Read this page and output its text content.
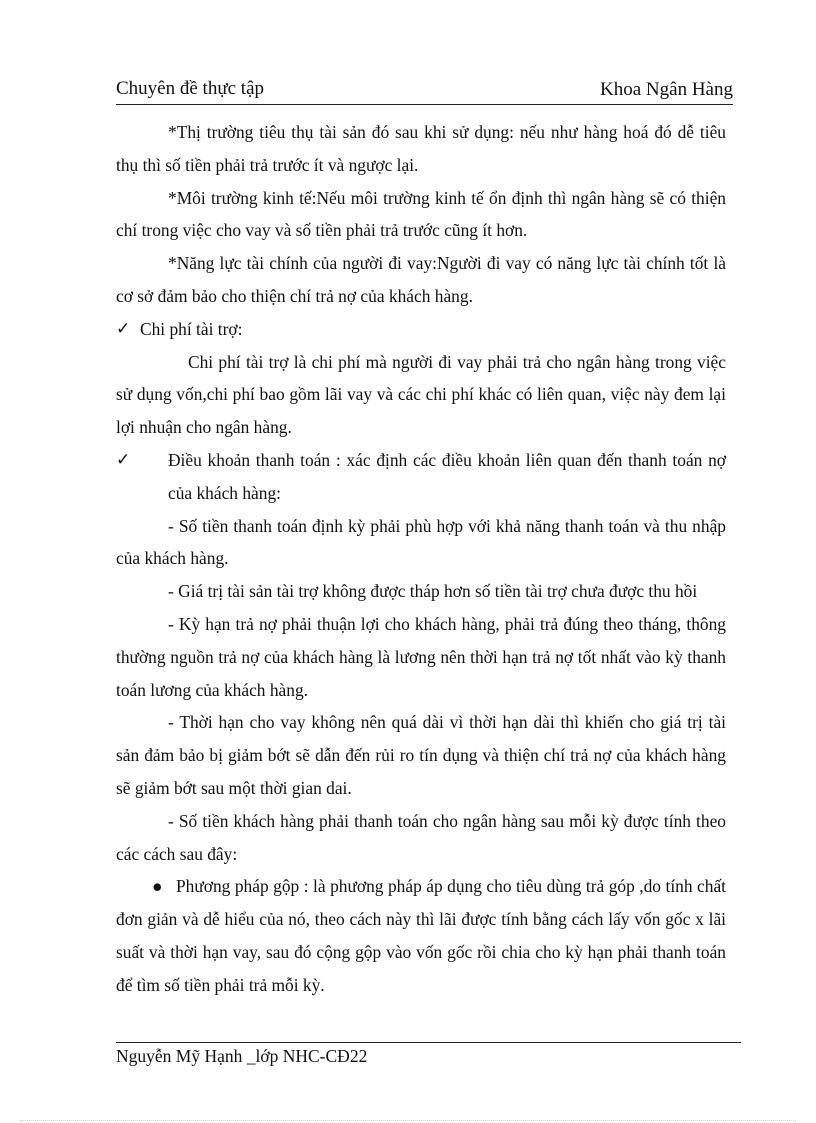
Chuyên đề thực tập	Khoa Ngân Hàng

*Thị trường tiêu thụ tài sản đó sau khi sử dụng: nếu như hàng hoá đó dễ tiêu thụ thì số tiền phải trả trước ít và ngược lại.

*Môi trường kinh tế:Nếu môi trường kinh tế ổn định thì ngân hàng sẽ có thiện chí trong việc cho vay và số tiền phải trả trước cũng ít hơn.

*Năng lực tài chính của người đi vay:Người đi vay có năng lực tài chính tốt là cơ sở đảm bảo cho thiện chí trả nợ của khách hàng.

✓ Chi phí tài trợ:

Chi phí tài trợ là chi phí mà người đi vay phải trả cho ngân hàng trong việc sử dụng vốn,chi phí bao gồm lãi vay và các chi phí khác có liên quan, việc này đem lại lợi nhuận cho ngân hàng.

✓ Điều khoản thanh toán : xác định các điều khoản liên quan đến thanh toán nợ của khách hàng:

- Số tiền thanh toán định kỳ phải phù hợp với khả năng thanh toán và thu nhập của khách hàng.

- Giá trị tài sản tài trợ không được tháp hơn số tiền tài trợ chưa được thu hồi

- Kỳ hạn trả nợ phải thuận lợi cho khách hàng, phải trả đúng theo tháng, thông thường nguồn trả nợ của khách hàng là lương nên thời hạn trả nợ tốt nhất vào kỳ thanh toán lương của khách hàng.

- Thời hạn cho vay không nên quá dài vì thời hạn dài thì khiến cho giá trị tài sản đảm bảo bị giảm bớt sẽ dẫn đến rủi ro tín dụng và thiện chí trả nợ của khách hàng sẽ giảm bớt sau một thời gian dai.

- Số tiền khách hàng phải thanh toán cho ngân hàng sau mỗi kỳ được tính theo các cách sau đây:

● Phương pháp gộp : là phương pháp áp dụng cho tiêu dùng trả góp ,do tính chất đơn giản và dễ hiểu của nó, theo cách này thì lãi được tính bằng cách lấy vốn gốc x lãi suất và thời hạn vay, sau đó cộng gộp vào vốn gốc rồi chia cho kỳ hạn phải thanh toán để tìm số tiền phải trả mỗi kỳ.
Nguyễn Mỹ Hạnh _lớp NHC-CĐ22
